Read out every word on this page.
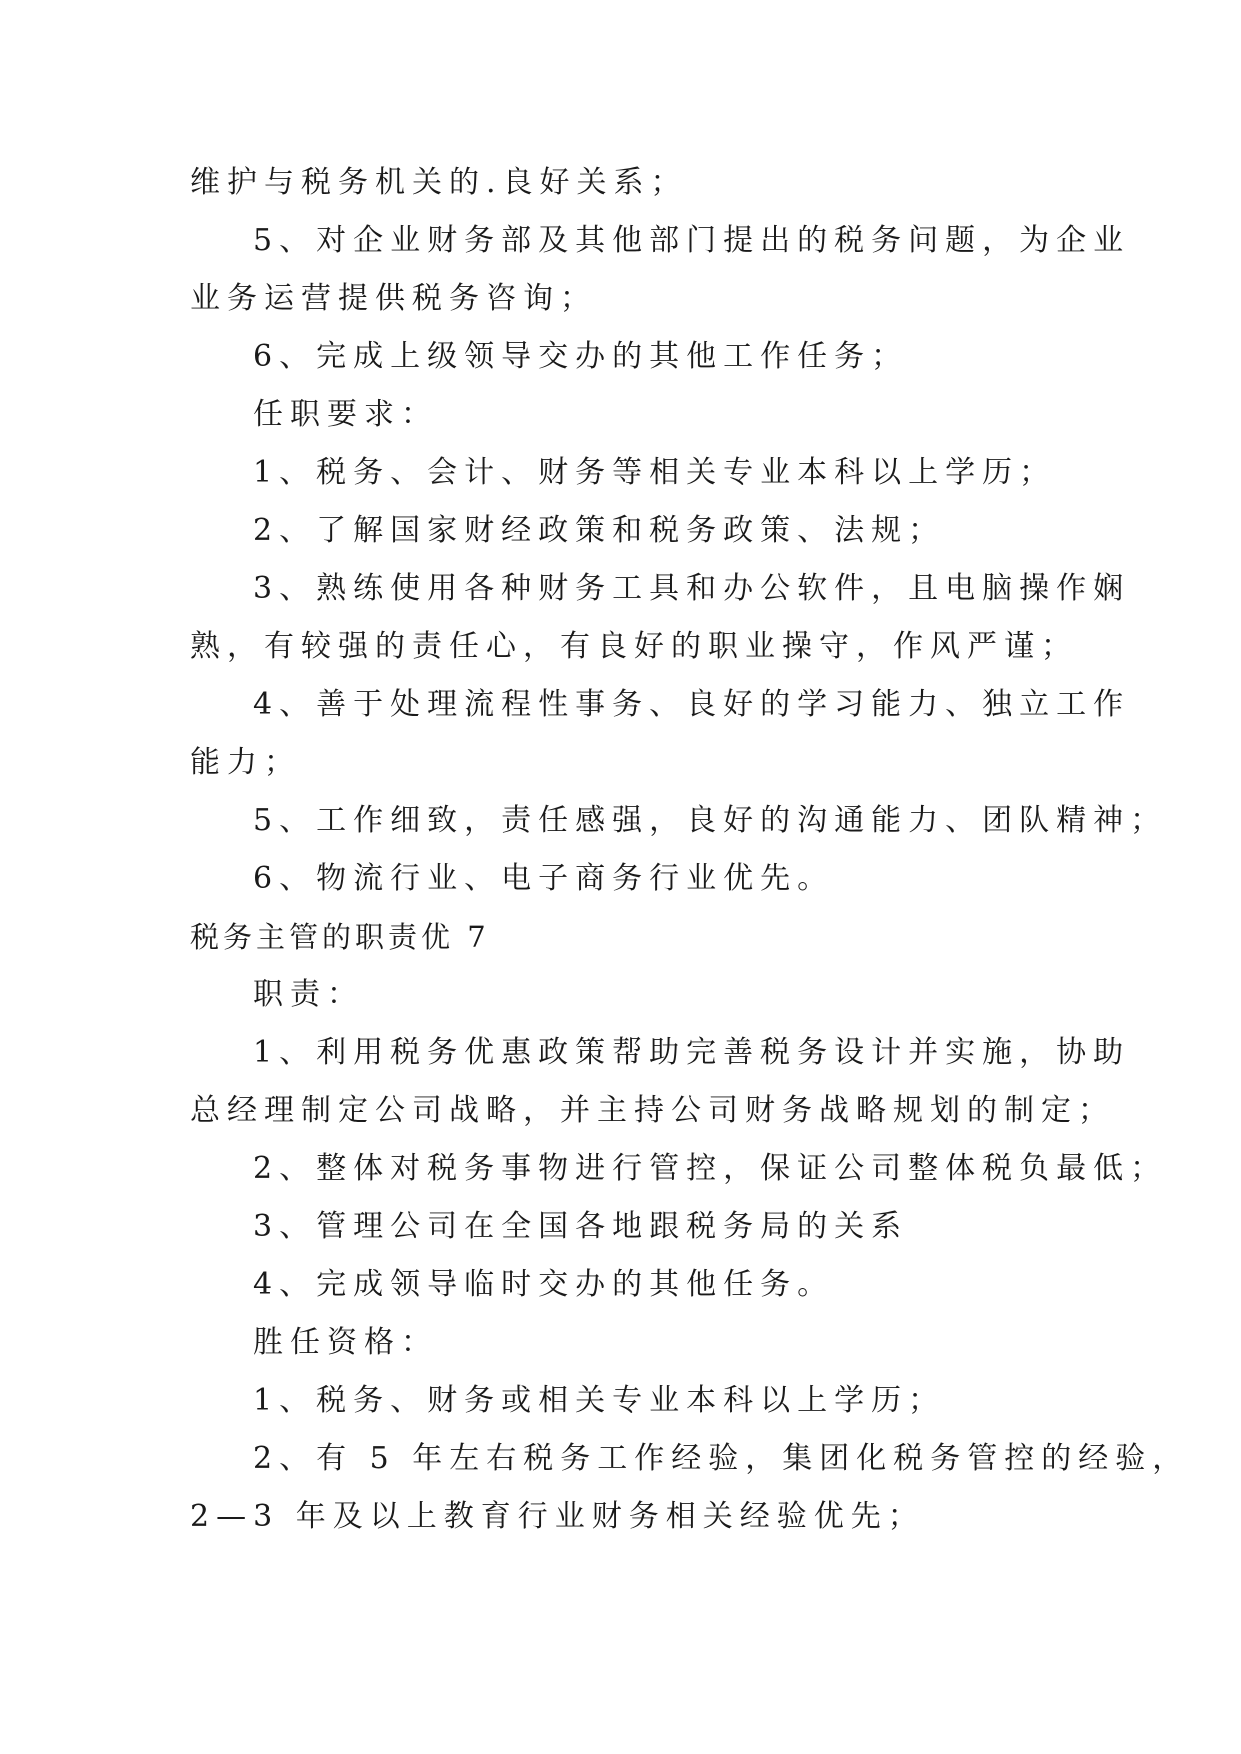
维护与税务机关的.良好关系；
5、对企业财务部及其他部门提出的税务问题，为企业
业务运营提供税务咨询；
6、完成上级领导交办的其他工作任务；
任职要求：
1、税务、会计、财务等相关专业本科以上学历；
2、了解国家财经政策和税务政策、法规；
3、熟练使用各种财务工具和办公软件，且电脑操作娴
熟，有较强的责任心，有良好的职业操守，作风严谨；
4、善于处理流程性事务、良好的学习能力、独立工作
能力；
5、工作细致，责任感强，良好的沟通能力、团队精神；
6、物流行业、电子商务行业优先。
税务主管的职责优 7
职责：
1、利用税务优惠政策帮助完善税务设计并实施，协助
总经理制定公司战略，并主持公司财务战略规划的制定；
2、整体对税务事物进行管控，保证公司整体税负最低；
3、管理公司在全国各地跟税务局的关系
4、完成领导临时交办的其他任务。
胜任资格：
1、税务、财务或相关专业本科以上学历；
2、有 5 年左右税务工作经验，集团化税务管控的经验，
2—3 年及以上教育行业财务相关经验优先；
